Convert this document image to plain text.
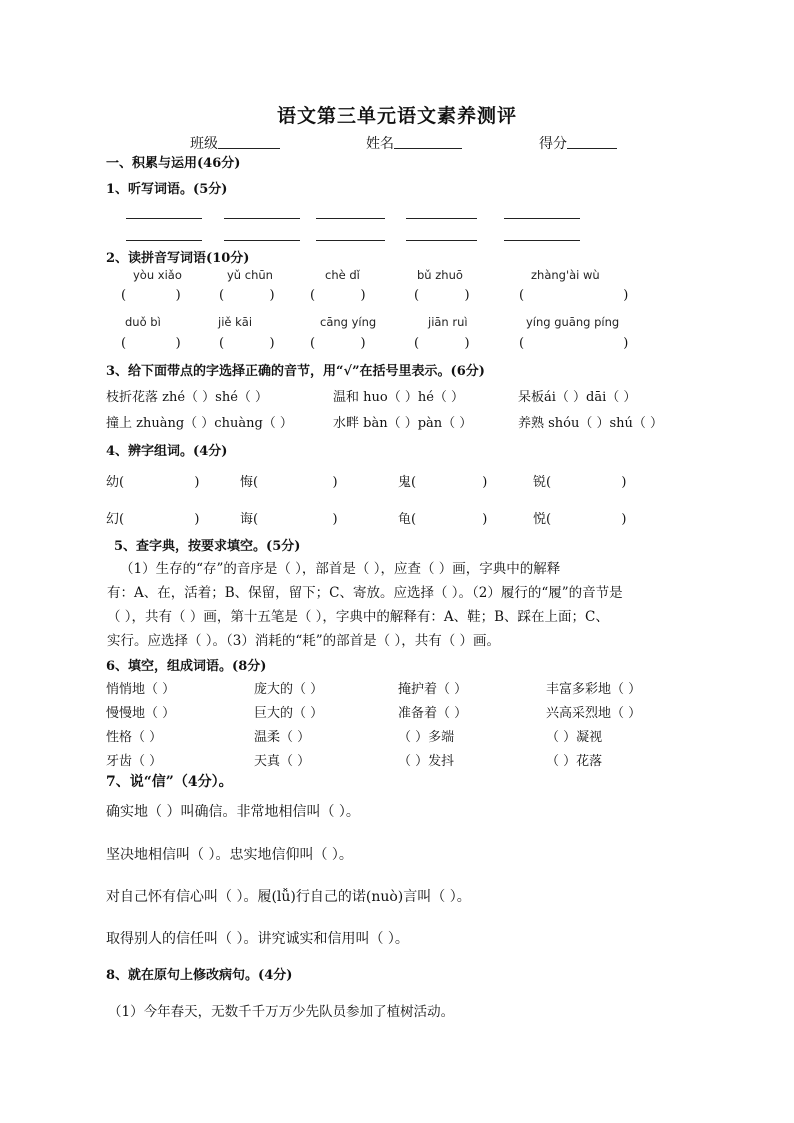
语文第三单元语文素养测评
班级	姓名	得分
一、积累与运用(46分)
1、听写词语。(5分)
2、读拼音写词语(10分)
yòu xiǎo	yǔ chūn	chè dǐ	bǔ zhuō	zhàng'ài wù
(            )	(           )	(           )	(           )	(                        )
duǒ bì	jiě kāi	cāng yíng	jiān ruì	yíng guāng píng
(            )	(           )	(           )	(           )	(                        )
3、给下面带点的字选择正确的音节，用“√”在括号里表示。(6分)
枝折花落 zhé（ ）shé（ ）	温和 huo（ ）hé（ ）	呆板ái（ ）dāi（ ）
撞上 zhuàng（ ）chuàng（ ）	水畔 bàn（ ）pàn（ ）	养熟 shóu（ ）shú（ ）
4、辨字组词。(4分)
幼(                 )	悔(                  )	鬼(                )	锐(                 )
幻(                 )	诲(                  )	龟(                )	悦(                 )
5、查字典，按要求填空。(5分)
（1）生存的“存”的音序是（ ），部首是（ ），应查（ ）画，字典中的解释
有：A、在，活着；B、保留，留下；C、寄放。应选择（ ）。（2）履行的“履”的音节是
（ ），共有（ ）画，第十五笔是（ ），字典中的解释有：A、鞋；B、踩在上面；C、
实行。应选择（ ）。（3）消耗的“耗”的部首是（ ），共有（ ）画。
6、填空，组成词语。(8分)
悄悄地（ ）	庞大的（ ）	掩护着（ ）	丰富多彩地（ ）
慢慢地（ ）	巨大的（ ）	准备着（ ）	兴高采烈地（ ）
性格（ ）	温柔（ ）	（ ）多端	（ ）凝视
牙齿（ ）	天真（ ）	（ ）发抖	（ ）花落
7、说“信”（4分）。
确实地（ ）叫确信。非常地相信叫（ ）。
坚决地相信叫（ ）。忠实地信仰叫（ ）。
对自己怀有信心叫（ ）。履(lǚ)行自己的诺(nuò)言叫（ ）。
取得别人的信任叫（ ）。讲究诚实和信用叫（ ）。
8、就在原句上修改病句。(4分)
（1）今年春天，无数千千万万少先队员参加了植树活动。
